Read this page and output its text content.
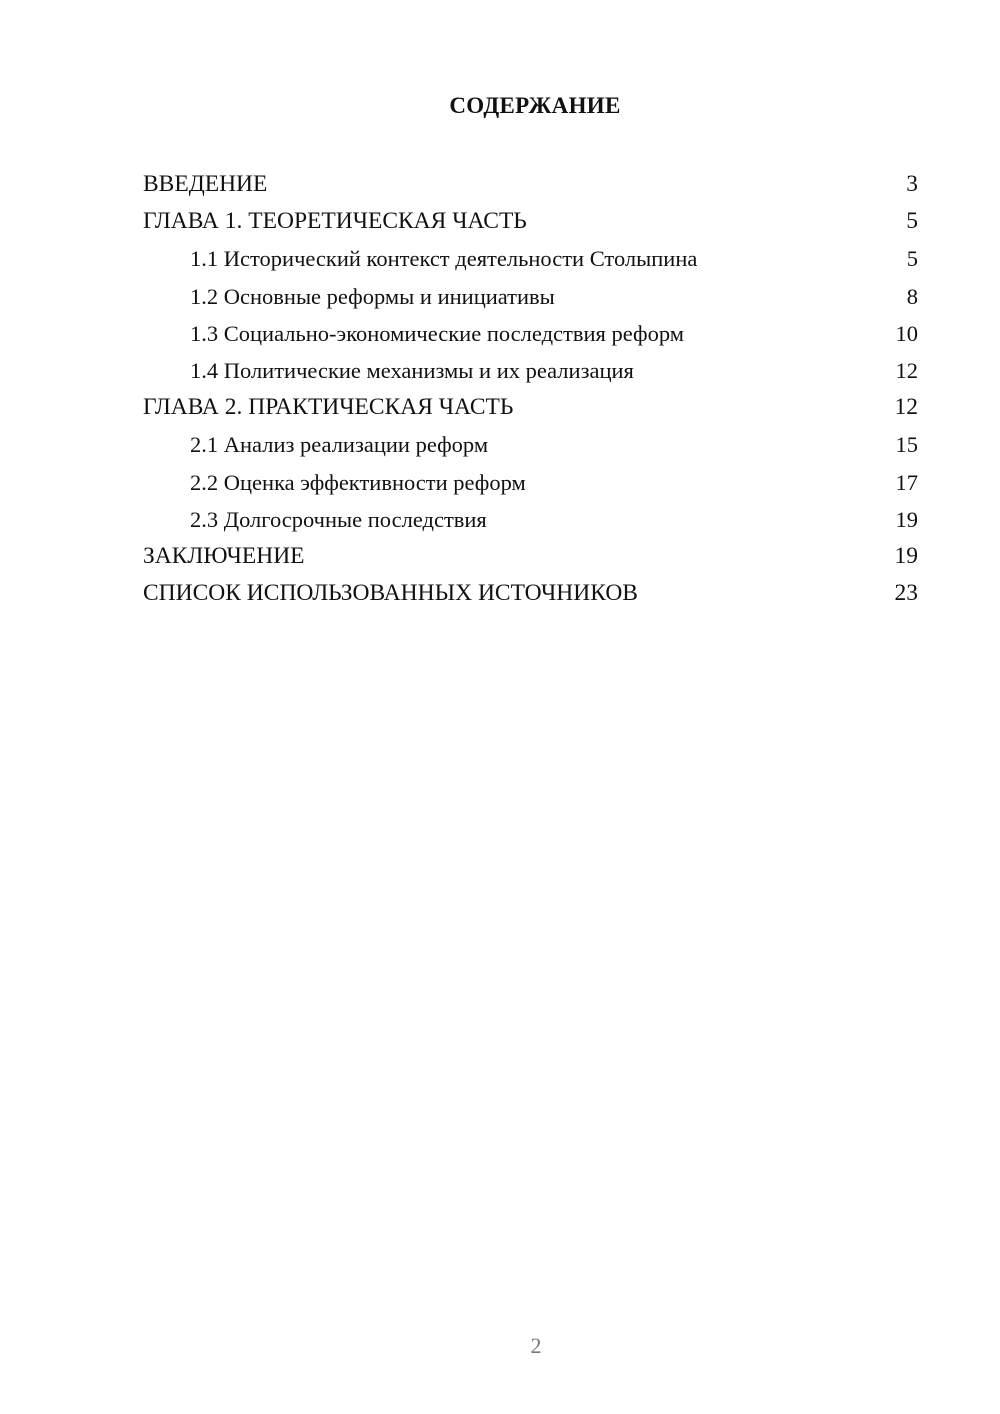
СОДЕРЖАНИЕ
ВВЕДЕНИЕ	3
ГЛАВА 1. ТЕОРЕТИЧЕСКАЯ ЧАСТЬ	5
1.1 Исторический контекст деятельности Столыпина	5
1.2 Основные реформы и инициативы	8
1.3 Социально-экономические последствия реформ	10
1.4 Политические механизмы и их реализация	12
ГЛАВА 2. ПРАКТИЧЕСКАЯ ЧАСТЬ	12
2.1 Анализ реализации реформ	15
2.2 Оценка эффективности реформ	17
2.3 Долгосрочные последствия	19
ЗАКЛЮЧЕНИЕ	19
СПИСОК ИСПОЛЬЗОВАННЫХ ИСТОЧНИКОВ	23
2
